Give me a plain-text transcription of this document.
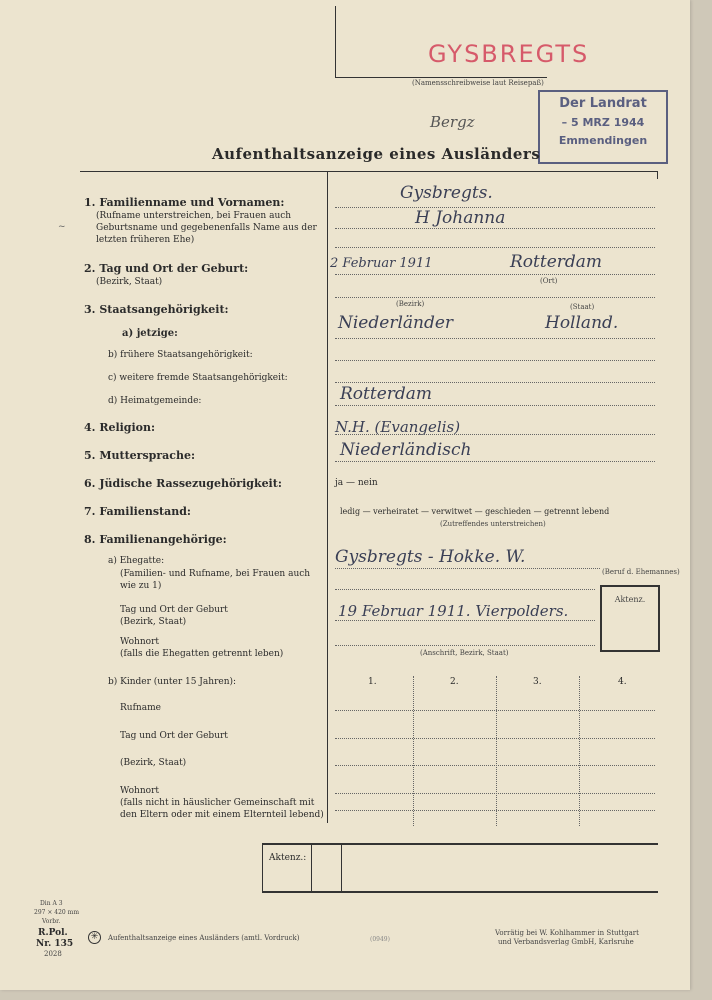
GYSBREGTS
(Namensschreibweise laut Reisepaß)
Bergz
Der Landrat
– 5 MRZ 1944
Emmendingen
Aufenthaltsanzeige eines Ausländers
1. Familienname und Vornamen:
(Rufname unterstreichen, bei Frauen auch Geburtsname und gegebenenfalls Name aus der letzten früheren Ehe)
Gysbregts.
H Johanna
2. Tag und Ort der Geburt:
(Bezirk, Staat)
2 Februar 1911	Rotterdam
(Ort)
3. Staatsangehörigkeit:	(Bezirk)	(Staat)
a) jetzige:
Niederländer	Holland.
b) frühere Staatsangehörigkeit:
c) weitere fremde Staatsangehörigkeit:
d) Heimatgemeinde:	Rotterdam
4. Religion:	N.H. (Evangelis)
5. Muttersprache:	Niederländisch
6. Jüdische Rassezugehörigkeit:	ja — nein
7. Familienstand:	ledig — verheiratet — verwitwet — geschieden — getrennt lebend
(Zutreffendes unterstreichen)
8. Familienangehörige:
a) Ehegatte:
(Familien- und Rufname, bei Frauen auch wie zu 1)
Gysbregts - Hokke. W.
(Beruf d. Ehemannes)
Tag und Ort der Geburt
(Bezirk, Staat)
19 Februar 1911. Vierpolders.
Wohnort
(falls die Ehegatten getrennt leben)	(Anschrift, Bezirk, Staat)
Aktenz.
b) Kinder (unter 15 Jahren):
Rufname
Tag und Ort der Geburt
(Bezirk, Staat)
Wohnort
(falls nicht in häuslicher Gemeinschaft mit den Eltern oder mit einem Elternteil lebend)
1.	2.	3.	4.
Aktenz.:
Din A 3
297 × 420 mm
Vorbr.
R.Pol.
Nr. 135
2028
✳	Aufenthaltsanzeige eines Ausländers (amtl. Vordruck)	(0949)
Vorrätig bei W. Kohlhammer in Stuttgart
und Verbandsverlag GmbH, Karlsruhe
~
